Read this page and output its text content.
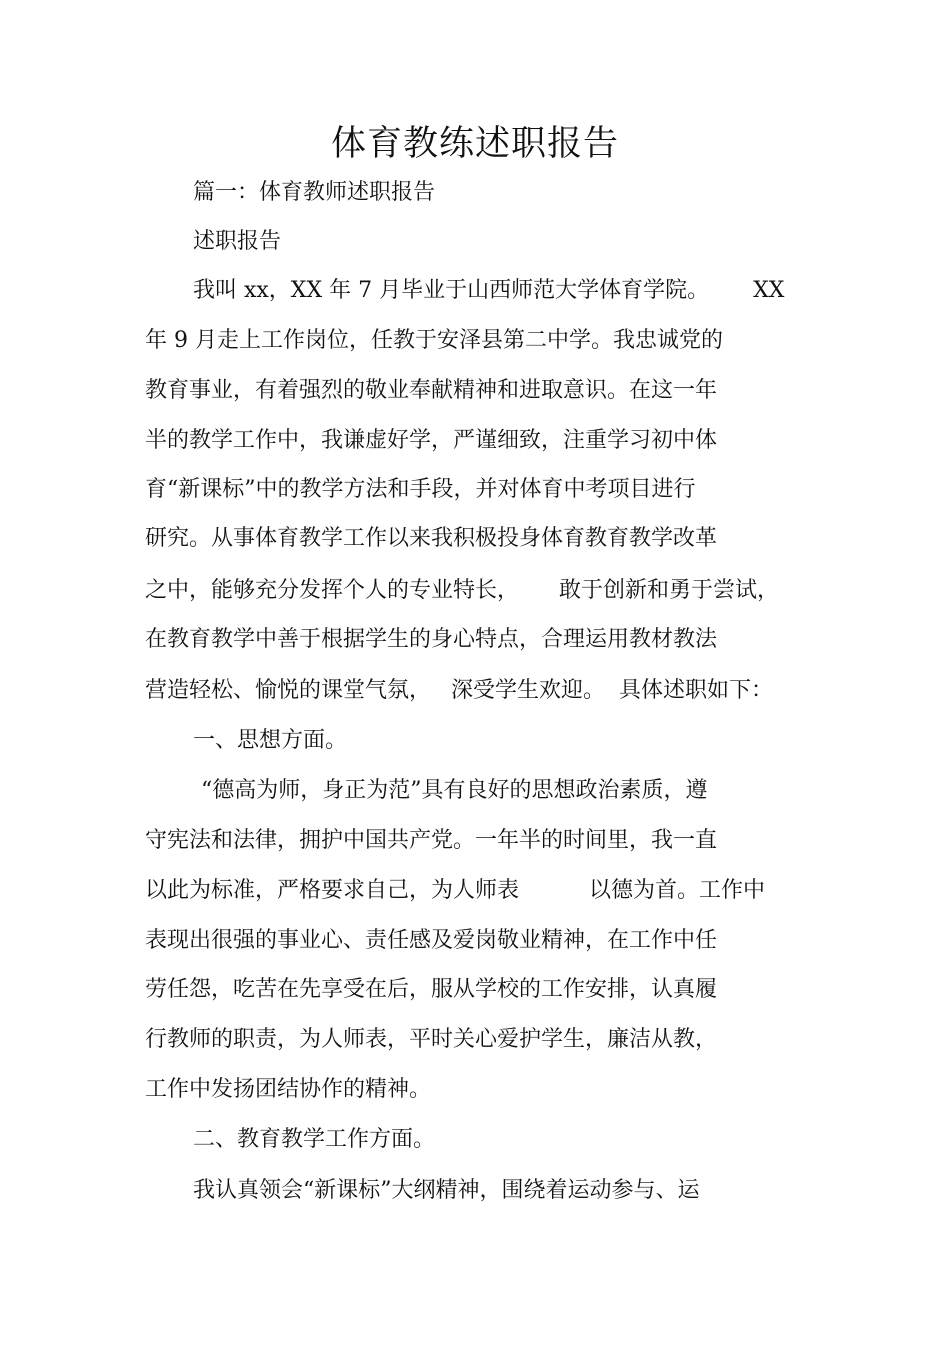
体育教练述职报告
篇一：体育教师述职报告
述职报告
我叫 xx，XX 年 7 月毕业于山西师范大学体育学院。 XX
年 9 月走上工作岗位，任教于安泽县第二中学。我忠诚党的
教育事业，有着强烈的敬业奉献精神和进取意识。在这一年
半的教学工作中，我谦虚好学，严谨细致，注重学习初中体
育“新课标”中的教学方法和手段，并对体育中考项目进行
研究。从事体育教学工作以来我积极投身体育教育教学改革
之中，能够充分发挥个人的专业特长， 敢于创新和勇于尝试，
在教育教学中善于根据学生的身心特点，合理运用教材教法
营造轻松、愉悦的课堂气氛， 深受学生欢迎。 具体述职如下：
一、思想方面。
“德高为师，身正为范”具有良好的思想政治素质，遵
守宪法和法律，拥护中国共产党。一年半的时间里，我一直
以此为标准，严格要求自己，为人师表	以德为首。工作中
表现出很强的事业心、责任感及爱岗敬业精神，在工作中任
劳任怨，吃苦在先享受在后，服从学校的工作安排，认真履
行教师的职责，为人师表，平时关心爱护学生，廉洁从教，
工作中发扬团结协作的精神。
二、教育教学工作方面。
我认真领会“新课标”大纲精神，围绕着运动参与、运
